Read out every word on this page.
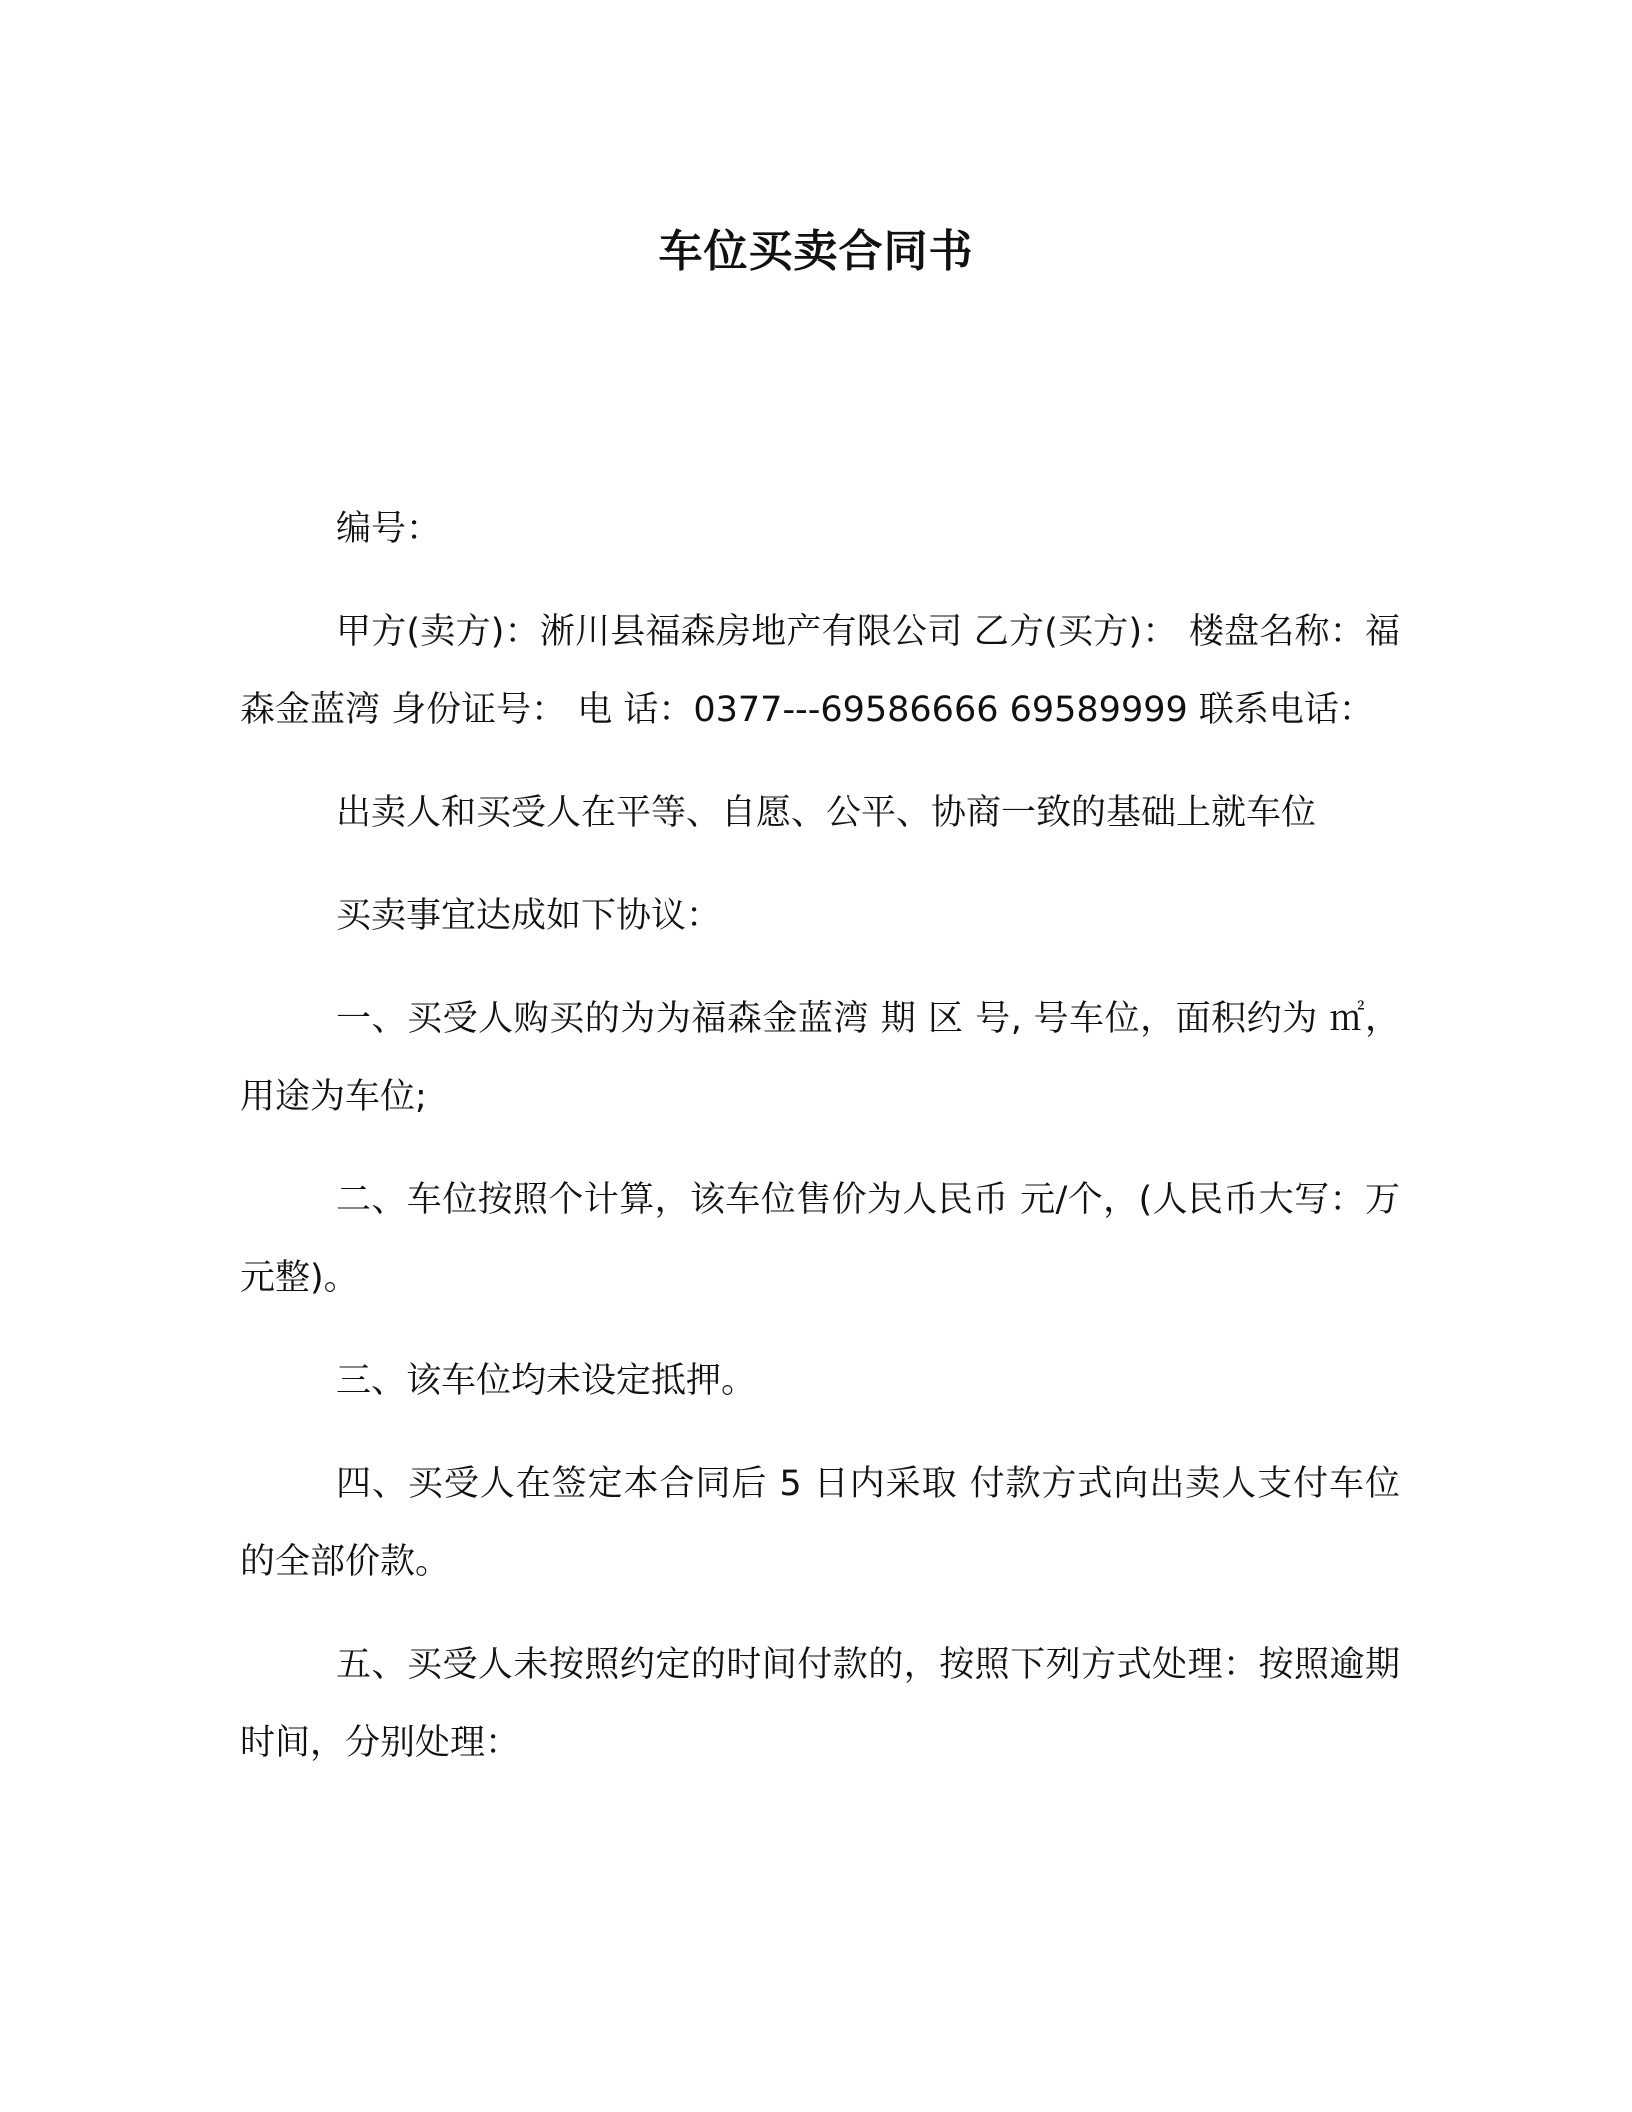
车位买卖合同书

编号：

甲方(卖方)：淅川县福森房地产有限公司 乙方(买方)： 楼盘名称：福森金蓝湾 身份证号： 电 话：0377---69586666 69589999 联系电话：

出卖人和买受人在平等、自愿、公平、协商一致的基础上就车位

买卖事宜达成如下协议：

一、买受人购买的为为福森金蓝湾 期 区 号, 号车位，面积约为 ㎡，用途为车位;

二、车位按照个计算，该车位售价为人民币 元/个，(人民币大写：万元整)。

三、该车位均未设定抵押。

四、买受人在签定本合同后 5 日内采取 付款方式向出卖人支付车位的全部价款。

五、买受人未按照约定的时间付款的，按照下列方式处理：按照逾期时间，分别处理：
